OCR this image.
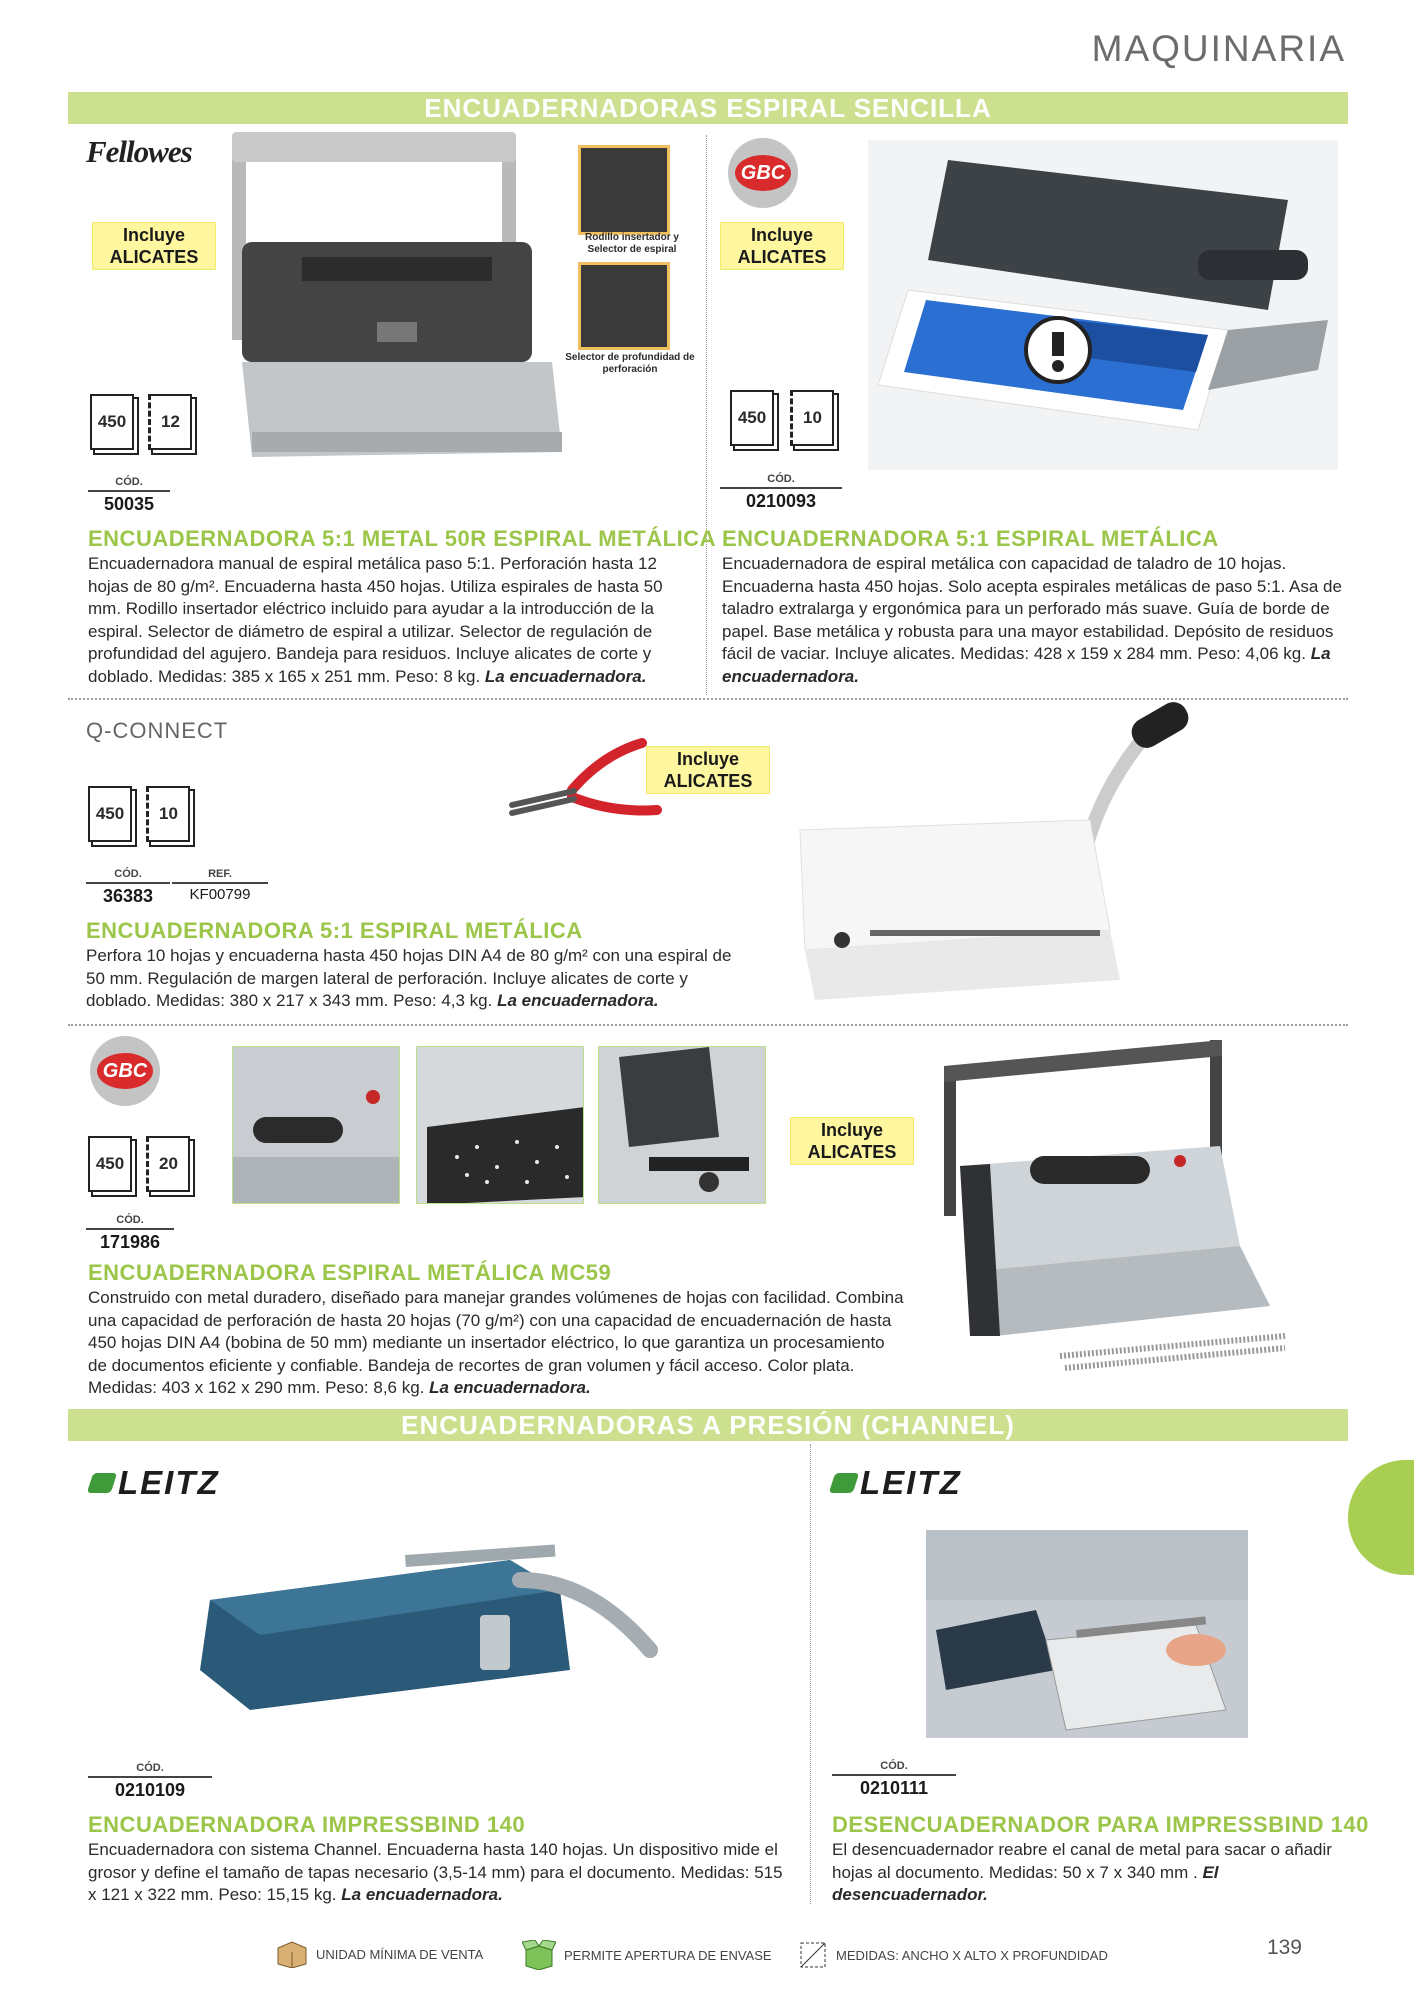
MAQUINARIA
ENCUADERNADORAS ESPIRAL SENCILLA
Fellowes
Incluye
ALICATES
Rodillo insertador y Selector de espiral
Selector de profundidad de perforación
450	12
CÓD.
50035
ENCUADERNADORA 5:1 METAL 50R ESPIRAL METÁLICA
Encuadernadora manual de espiral metálica paso 5:1. Perforación hasta 12 hojas de 80 g/m². Encuaderna hasta 450 hojas. Utiliza espirales de hasta 50 mm. Rodillo insertador eléctrico incluido para ayudar a la introducción de la espiral. Selector de diámetro de espiral a utilizar. Selector de regulación de profundidad del agujero. Bandeja para residuos. Incluye alicates de corte y doblado. Medidas: 385 x 165 x 251 mm. Peso: 8 kg. La encuadernadora.
GBC
Incluye
ALICATES
450	10
CÓD.
0210093
ENCUADERNADORA 5:1 ESPIRAL METÁLICA
Encuadernadora de espiral metálica con capacidad de taladro de 10 hojas. Encuaderna hasta 450 hojas. Solo acepta espirales metálicas de paso 5:1. Asa de taladro extralarga y ergonómica para un perforado más suave. Guía de borde de papel. Base metálica y robusta para una mayor estabilidad. Depósito de residuos fácil de vaciar. Incluye alicates. Medidas: 428 x 159 x 284 mm. Peso: 4,06 kg. La encuadernadora.
Q-CONNECT
450	10
CÓD.
36383
REF.
KF00799
Incluye
ALICATES
ENCUADERNADORA 5:1 ESPIRAL METÁLICA
Perfora 10 hojas y encuaderna hasta 450 hojas DIN A4 de 80 g/m² con una espiral de 50 mm. Regulación de margen lateral de perforación. Incluye alicates de corte y doblado. Medidas: 380 x 217 x 343 mm. Peso: 4,3 kg. La encuadernadora.
GBC
450	20
CÓD.
171986
Incluye
ALICATES
ENCUADERNADORA ESPIRAL METÁLICA MC59
Construido con metal duradero, diseñado para manejar grandes volúmenes de hojas con facilidad. Combina una capacidad de perforación de hasta 20 hojas (70 g/m²) con una capacidad de encuadernación de hasta 450 hojas DIN A4 (bobina de 50 mm) mediante un insertador eléctrico, lo que garantiza un procesamiento de documentos eficiente y confiable. Bandeja de recortes de gran volumen y fácil acceso. Color plata. Medidas: 403 x 162 x 290 mm. Peso: 8,6 kg. La encuadernadora.
ENCUADERNADORAS A PRESIÓN (CHANNEL)
LEITZ
CÓD.
0210109
ENCUADERNADORA IMPRESSBIND 140
Encuadernadora con sistema Channel. Encuaderna hasta 140 hojas. Un dispositivo mide el grosor y define el tamaño de tapas necesario (3,5-14 mm) para el documento. Medidas: 515 x 121 x 322 mm. Peso: 15,15 kg. La encuadernadora.
LEITZ
CÓD.
0210111
DESENCUADERNADOR PARA IMPRESSBIND 140
El desencuadernador reabre el canal de metal para sacar o añadir hojas al documento. Medidas: 50 x 7 x 340 mm . El desencuadernador.
UNIDAD MÍNIMA DE VENTA	PERMITE APERTURA DE ENVASE	MEDIDAS: ANCHO X ALTO X PROFUNDIDAD	139
